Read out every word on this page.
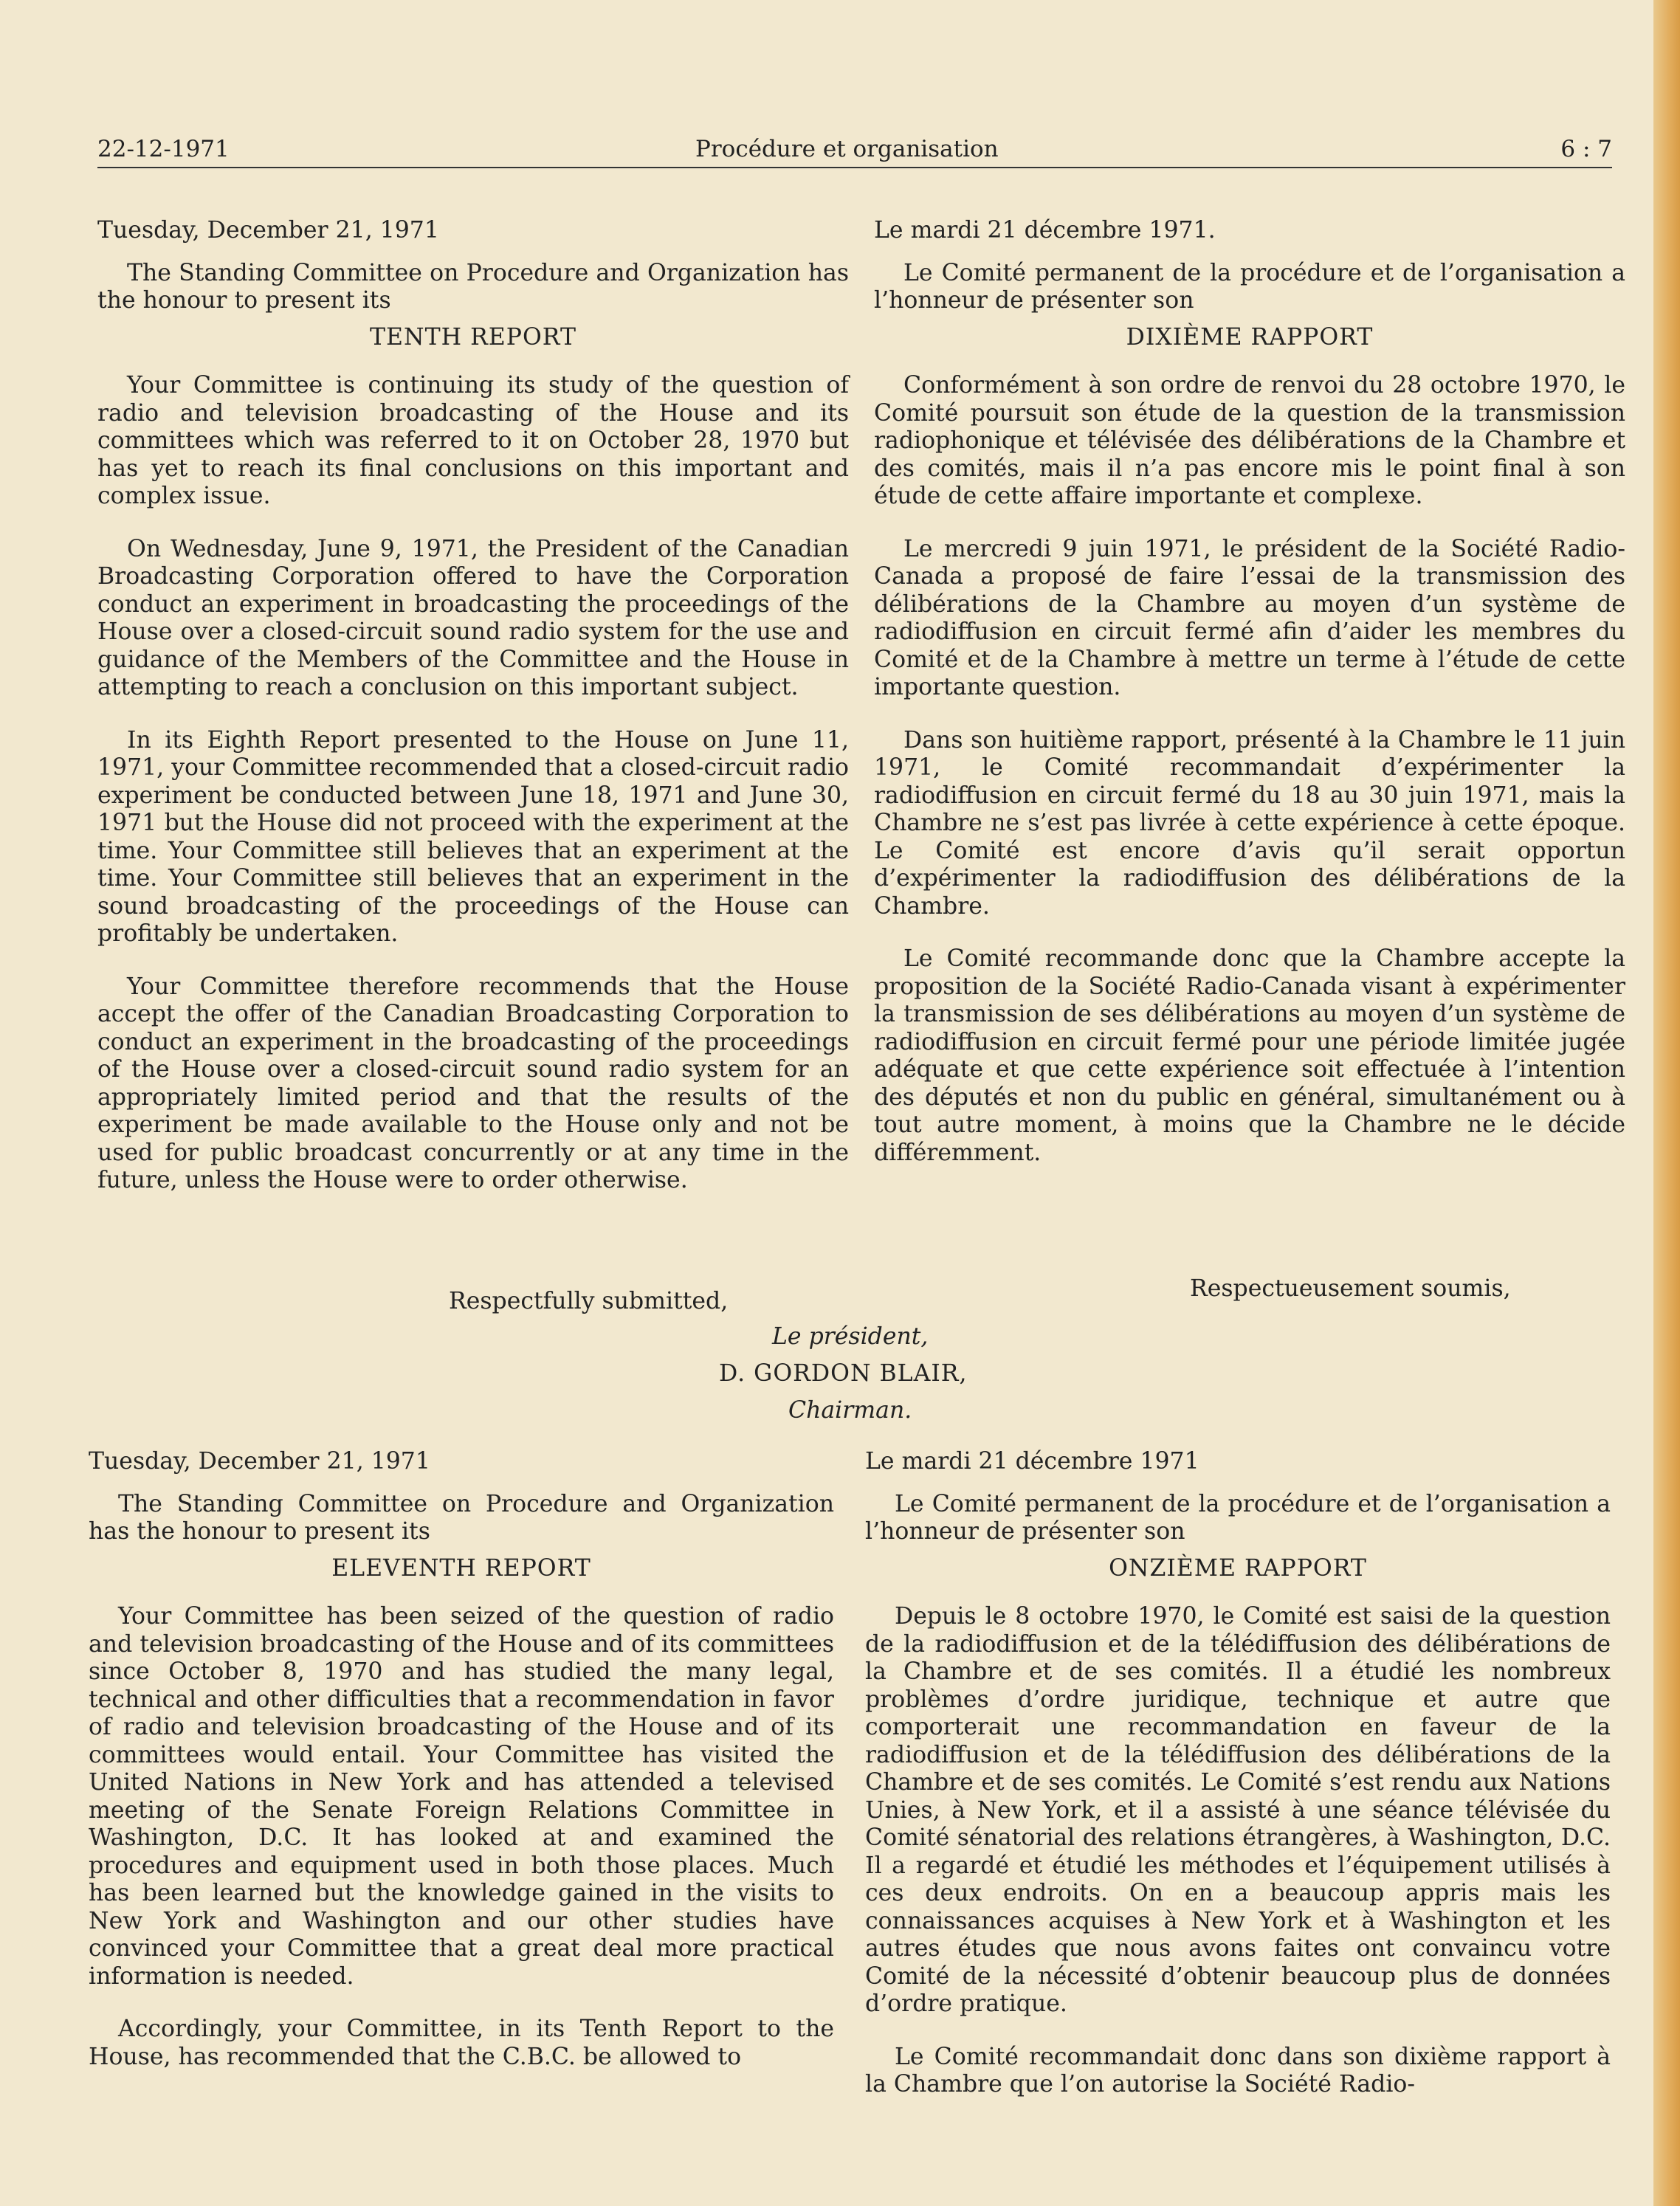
22-12-1971	Procédure et organisation	6 : 7

Tuesday, December 21, 1971

The Standing Committee on Procedure and Organization has the honour to present its

TENTH REPORT

Your Committee is continuing its study of the question of radio and television broadcasting of the House and its committees which was referred to it on October 28, 1970 but has yet to reach its final conclusions on this important and complex issue.

On Wednesday, June 9, 1971, the President of the Canadian Broadcasting Corporation offered to have the Corporation conduct an experiment in broadcasting the proceedings of the House over a closed-circuit sound radio system for the use and guidance of the Members of the Committee and the House in attempting to reach a conclusion on this important subject.

In its Eighth Report presented to the House on June 11, 1971, your Committee recommended that a closed-circuit radio experiment be conducted between June 18, 1971 and June 30, 1971 but the House did not proceed with the experiment at the time. Your Committee still believes that an experiment at the time. Your Committee still believes that an experiment in the sound broadcasting of the proceedings of the House can profitably be undertaken.

Your Committee therefore recommends that the House accept the offer of the Canadian Broadcasting Corporation to conduct an experiment in the broadcasting of the proceedings of the House over a closed-circuit sound radio system for an appropriately limited period and that the results of the experiment be made available to the House only and not be used for public broadcast concurrently or at any time in the future, unless the House were to order otherwise.

Le mardi 21 décembre 1971.

Le Comité permanent de la procédure et de l’organisation a l’honneur de présenter son

DIXIÈME RAPPORT

Conformément à son ordre de renvoi du 28 octobre 1970, le Comité poursuit son étude de la question de la transmission radiophonique et télévisée des délibérations de la Chambre et des comités, mais il n’a pas encore mis le point final à son étude de cette affaire importante et complexe.

Le mercredi 9 juin 1971, le président de la Société Radio-Canada a proposé de faire l’essai de la transmission des délibérations de la Chambre au moyen d’un système de radiodiffusion en circuit fermé afin d’aider les membres du Comité et de la Chambre à mettre un terme à l’étude de cette importante question.

Dans son huitième rapport, présenté à la Chambre le 11 juin 1971, le Comité recommandait d’expérimenter la radiodiffusion en circuit fermé du 18 au 30 juin 1971, mais la Chambre ne s’est pas livrée à cette expérience à cette époque. Le Comité est encore d’avis qu’il serait opportun d’expérimenter la radiodiffusion des délibérations de la Chambre.

Le Comité recommande donc que la Chambre accepte la proposition de la Société Radio-Canada visant à expérimenter la transmission de ses délibérations au moyen d’un système de radiodiffusion en circuit fermé pour une période limitée jugée adéquate et que cette expérience soit effectuée à l’intention des députés et non du public en général, simultanément ou à tout autre moment, à moins que la Chambre ne le décide différemment.

Respectfully submitted,	Respectueusement soumis,
Le président,
D. GORDON BLAIR,
Chairman.

Tuesday, December 21, 1971

The Standing Committee on Procedure and Organization has the honour to present its

ELEVENTH REPORT

Your Committee has been seized of the question of radio and television broadcasting of the House and of its committees since October 8, 1970 and has studied the many legal, technical and other difficulties that a recommendation in favor of radio and television broadcasting of the House and of its committees would entail. Your Committee has visited the United Nations in New York and has attended a televised meeting of the Senate Foreign Relations Committee in Washington, D.C. It has looked at and examined the procedures and equipment used in both those places. Much has been learned but the knowledge gained in the visits to New York and Washington and our other studies have convinced your Committee that a great deal more practical information is needed.

Accordingly, your Committee, in its Tenth Report to the House, has recommended that the C.B.C. be allowed to

Le mardi 21 décembre 1971

Le Comité permanent de la procédure et de l’organisation a l’honneur de présenter son

ONZIÈME RAPPORT

Depuis le 8 octobre 1970, le Comité est saisi de la question de la radiodiffusion et de la télédiffusion des délibérations de la Chambre et de ses comités. Il a étudié les nombreux problèmes d’ordre juridique, technique et autre que comporterait une recommandation en faveur de la radiodiffusion et de la télédiffusion des délibérations de la Chambre et de ses comités. Le Comité s’est rendu aux Nations Unies, à New York, et il a assisté à une séance télévisée du Comité sénatorial des relations étrangères, à Washington, D.C. Il a regardé et étudié les méthodes et l’équipement utilisés à ces deux endroits. On en a beaucoup appris mais les connaissances acquises à New York et à Washington et les autres études que nous avons faites ont convaincu votre Comité de la nécessité d’obtenir beaucoup plus de données d’ordre pratique.

Le Comité recommandait donc dans son dixième rapport à la Chambre que l’on autorise la Société Radio-
